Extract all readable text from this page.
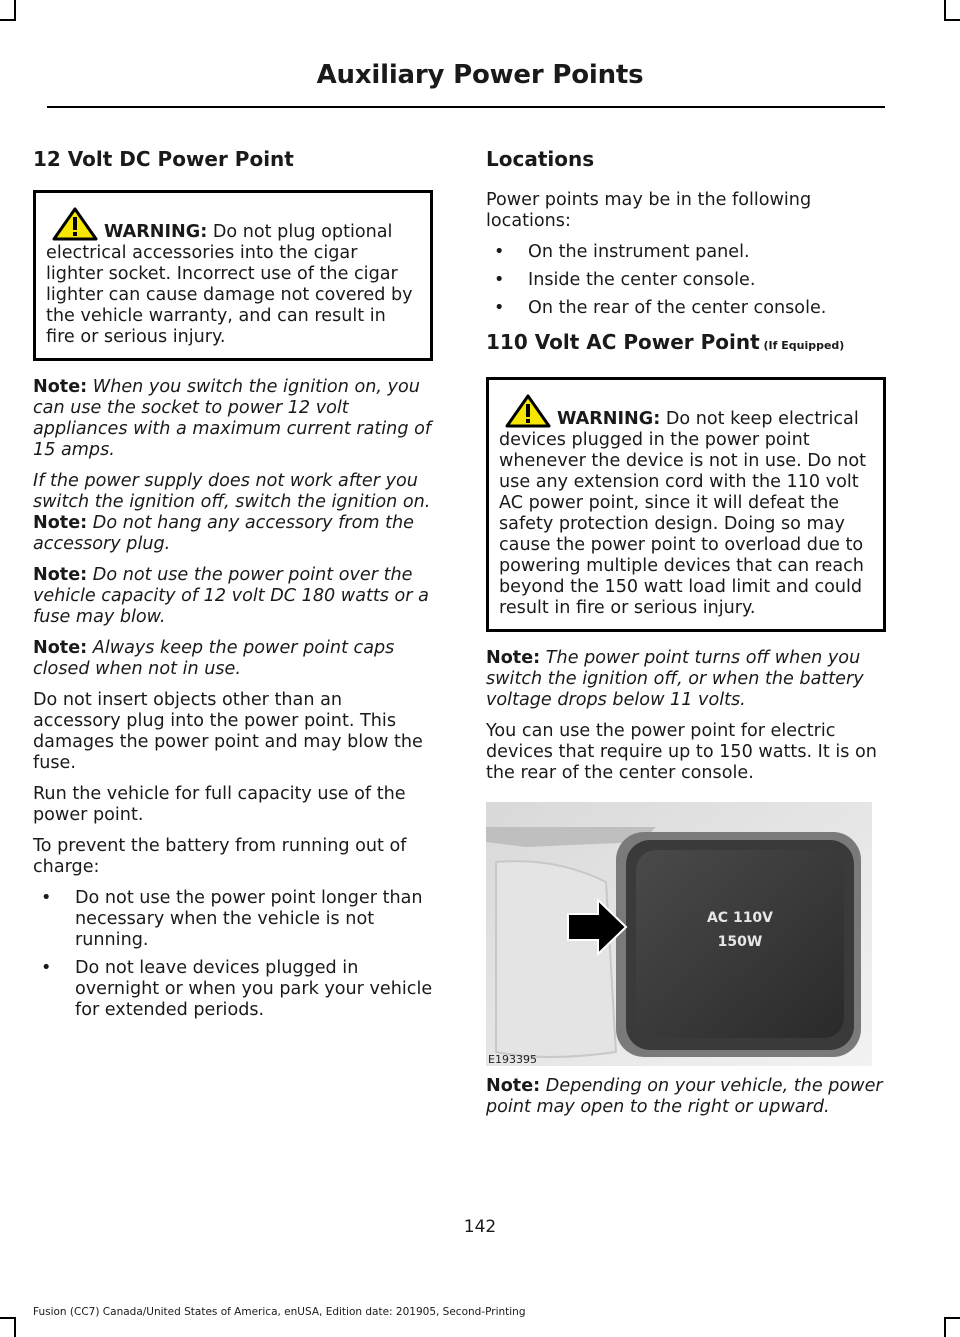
Auxiliary Power Points
12 Volt DC Power Point

WARNING: Do not plug optional electrical accessories into the cigar lighter socket. Incorrect use of the cigar lighter can cause damage not covered by the vehicle warranty, and can result in fire or serious injury.

Note: When you switch the ignition on, you can use the socket to power 12 volt appliances with a maximum current rating of 15 amps.

If the power supply does not work after you switch the ignition off, switch the ignition on.

Note: Do not hang any accessory from the accessory plug.

Note: Do not use the power point over the vehicle capacity of 12 volt DC 180 watts or a fuse may blow.

Note: Always keep the power point caps closed when not in use.

Do not insert objects other than an accessory plug into the power point. This damages the power point and may blow the fuse.

Run the vehicle for full capacity use of the power point.

To prevent the battery from running out of charge:

• Do not use the power point longer than necessary when the vehicle is not running.
• Do not leave devices plugged in overnight or when you park your vehicle for extended periods.
Locations

Power points may be in the following locations:

• On the instrument panel.
• Inside the center console.
• On the rear of the center console.
110 Volt AC Power Point (If Equipped)

WARNING: Do not keep electrical devices plugged in the power point whenever the device is not in use. Do not use any extension cord with the 110 volt AC power point, since it will defeat the safety protection design. Doing so may cause the power point to overload due to powering multiple devices that can reach beyond the 150 watt load limit and could result in fire or serious injury.

Note: The power point turns off when you switch the ignition off, or when the battery voltage drops below 11 volts.

You can use the power point for electric devices that require up to 150 watts. It is on the rear of the center console.

AC 110V
150W
E193395

Note: Depending on your vehicle, the power point may open to the right or upward.

142
Fusion (CC7) Canada/United States of America, enUSA, Edition date: 201905, Second-Printing
